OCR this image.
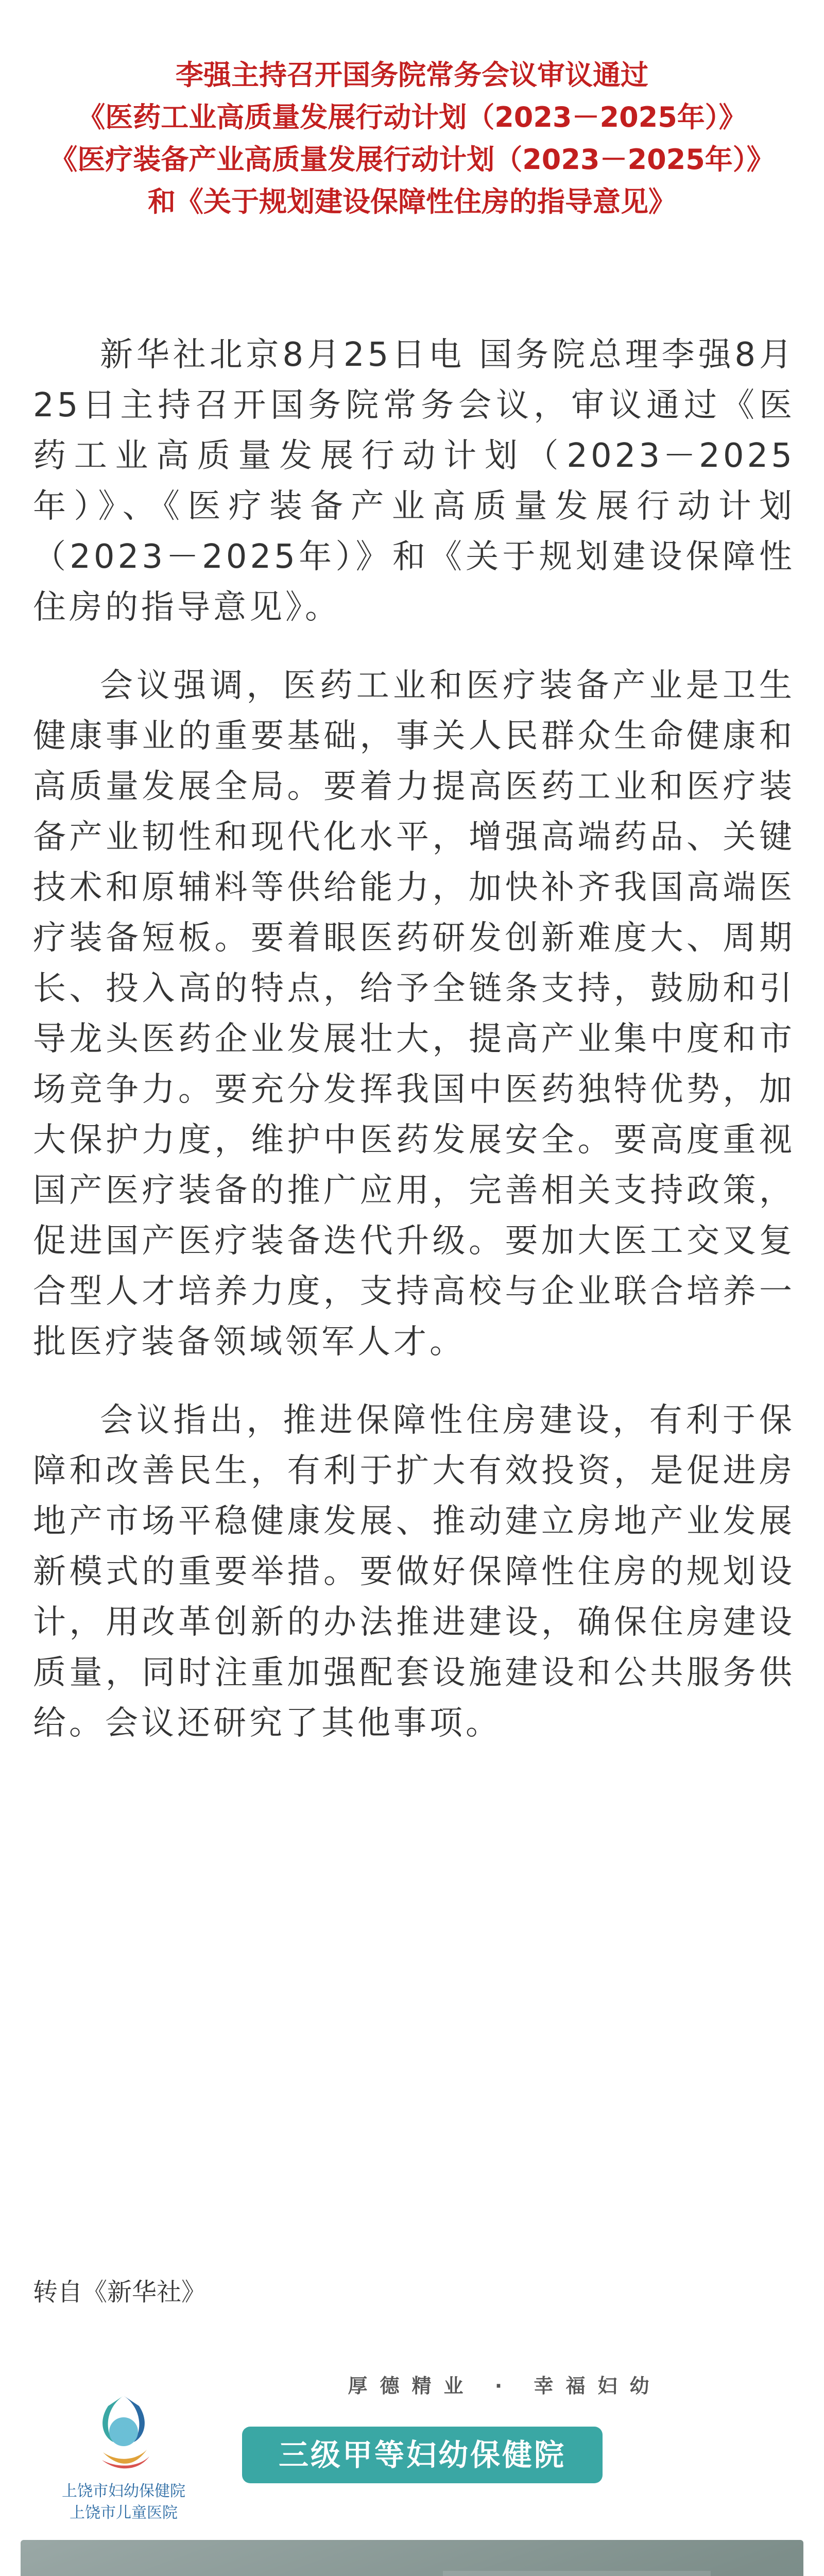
李强主持召开国务院常务会议审议通过
《医药工业高质量发展行动计划（2023－2025年）》
《医疗装备产业高质量发展行动计划（2023－2025年）》
和《关于规划建设保障性住房的指导意见》

新华社北京8月25日电 国务院总理李强8月25日主持召开国务院常务会议，审议通过《医药工业高质量发展行动计划（2023－2025年）》、《医疗装备产业高质量发展行动计划（2023－2025年）》和《关于规划建设保障性住房的指导意见》。

会议强调，医药工业和医疗装备产业是卫生健康事业的重要基础，事关人民群众生命健康和高质量发展全局。要着力提高医药工业和医疗装备产业韧性和现代化水平，增强高端药品、关键技术和原辅料等供给能力，加快补齐我国高端医疗装备短板。要着眼医药研发创新难度大、周期长、投入高的特点，给予全链条支持，鼓励和引导龙头医药企业发展壮大，提高产业集中度和市场竞争力。要充分发挥我国中医药独特优势，加大保护力度，维护中医药发展安全。要高度重视国产医疗装备的推广应用，完善相关支持政策，促进国产医疗装备迭代升级。要加大医工交叉复合型人才培养力度，支持高校与企业联合培养一批医疗装备领域领军人才。

会议指出，推进保障性住房建设，有利于保障和改善民生，有利于扩大有效投资，是促进房地产市场平稳健康发展、推动建立房地产业发展新模式的重要举措。要做好保障性住房的规划设计，用改革创新的办法推进建设，确保住房建设质量，同时注重加强配套设施建设和公共服务供给。会议还研究了其他事项。

转自《新华社》
上饶市妇幼保健院
上饶市儿童医院
厚德精业 · 幸福妇幼
三级甲等妇幼保健院
